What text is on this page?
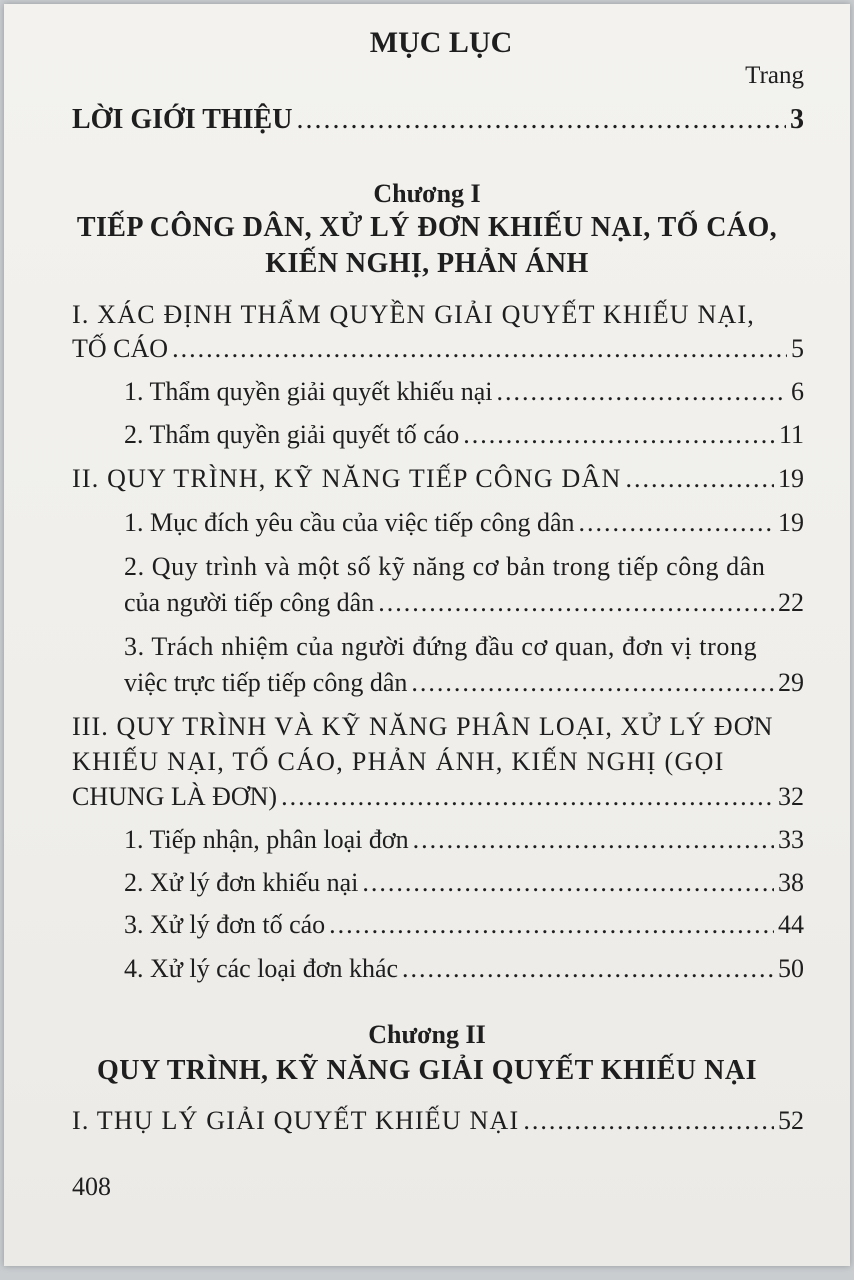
MỤC LỤC
Trang
LỜI GIỚI THIỆU .....	3
Chương I
TIẾP CÔNG DÂN, XỬ LÝ ĐƠN KHIẾU NẠI, TỐ CÁO,
KIẾN NGHỊ, PHẢN ÁNH
I. XÁC ĐỊNH THẨM QUYỀN GIẢI QUYẾT KHIẾU NẠI,
TỐ CÁO .....	5
1. Thẩm quyền giải quyết khiếu nại .....	6
2. Thẩm quyền giải quyết tố cáo .....	11
II. QUY TRÌNH, KỸ NĂNG TIẾP CÔNG DÂN .....	19
1. Mục đích yêu cầu của việc tiếp công dân .....	19
2. Quy trình và một số kỹ năng cơ bản trong tiếp công dân
của người tiếp công dân .....	22
3. Trách nhiệm của người đứng đầu cơ quan, đơn vị trong
việc trực tiếp tiếp công dân .....	29
III. QUY TRÌNH VÀ KỸ NĂNG PHÂN LOẠI, XỬ LÝ ĐƠN
KHIẾU NẠI, TỐ CÁO, PHẢN ÁNH, KIẾN NGHỊ (GỌI
CHUNG LÀ ĐƠN) .....	32
1. Tiếp nhận, phân loại đơn .....	33
2. Xử lý đơn khiếu nại .....	38
3. Xử lý đơn tố cáo .....	44
4. Xử lý các loại đơn khác .....	50
Chương II
QUY TRÌNH, KỸ NĂNG GIẢI QUYẾT KHIẾU NẠI
I. THỤ LÝ GIẢI QUYẾT KHIẾU NẠI .....	52
408
